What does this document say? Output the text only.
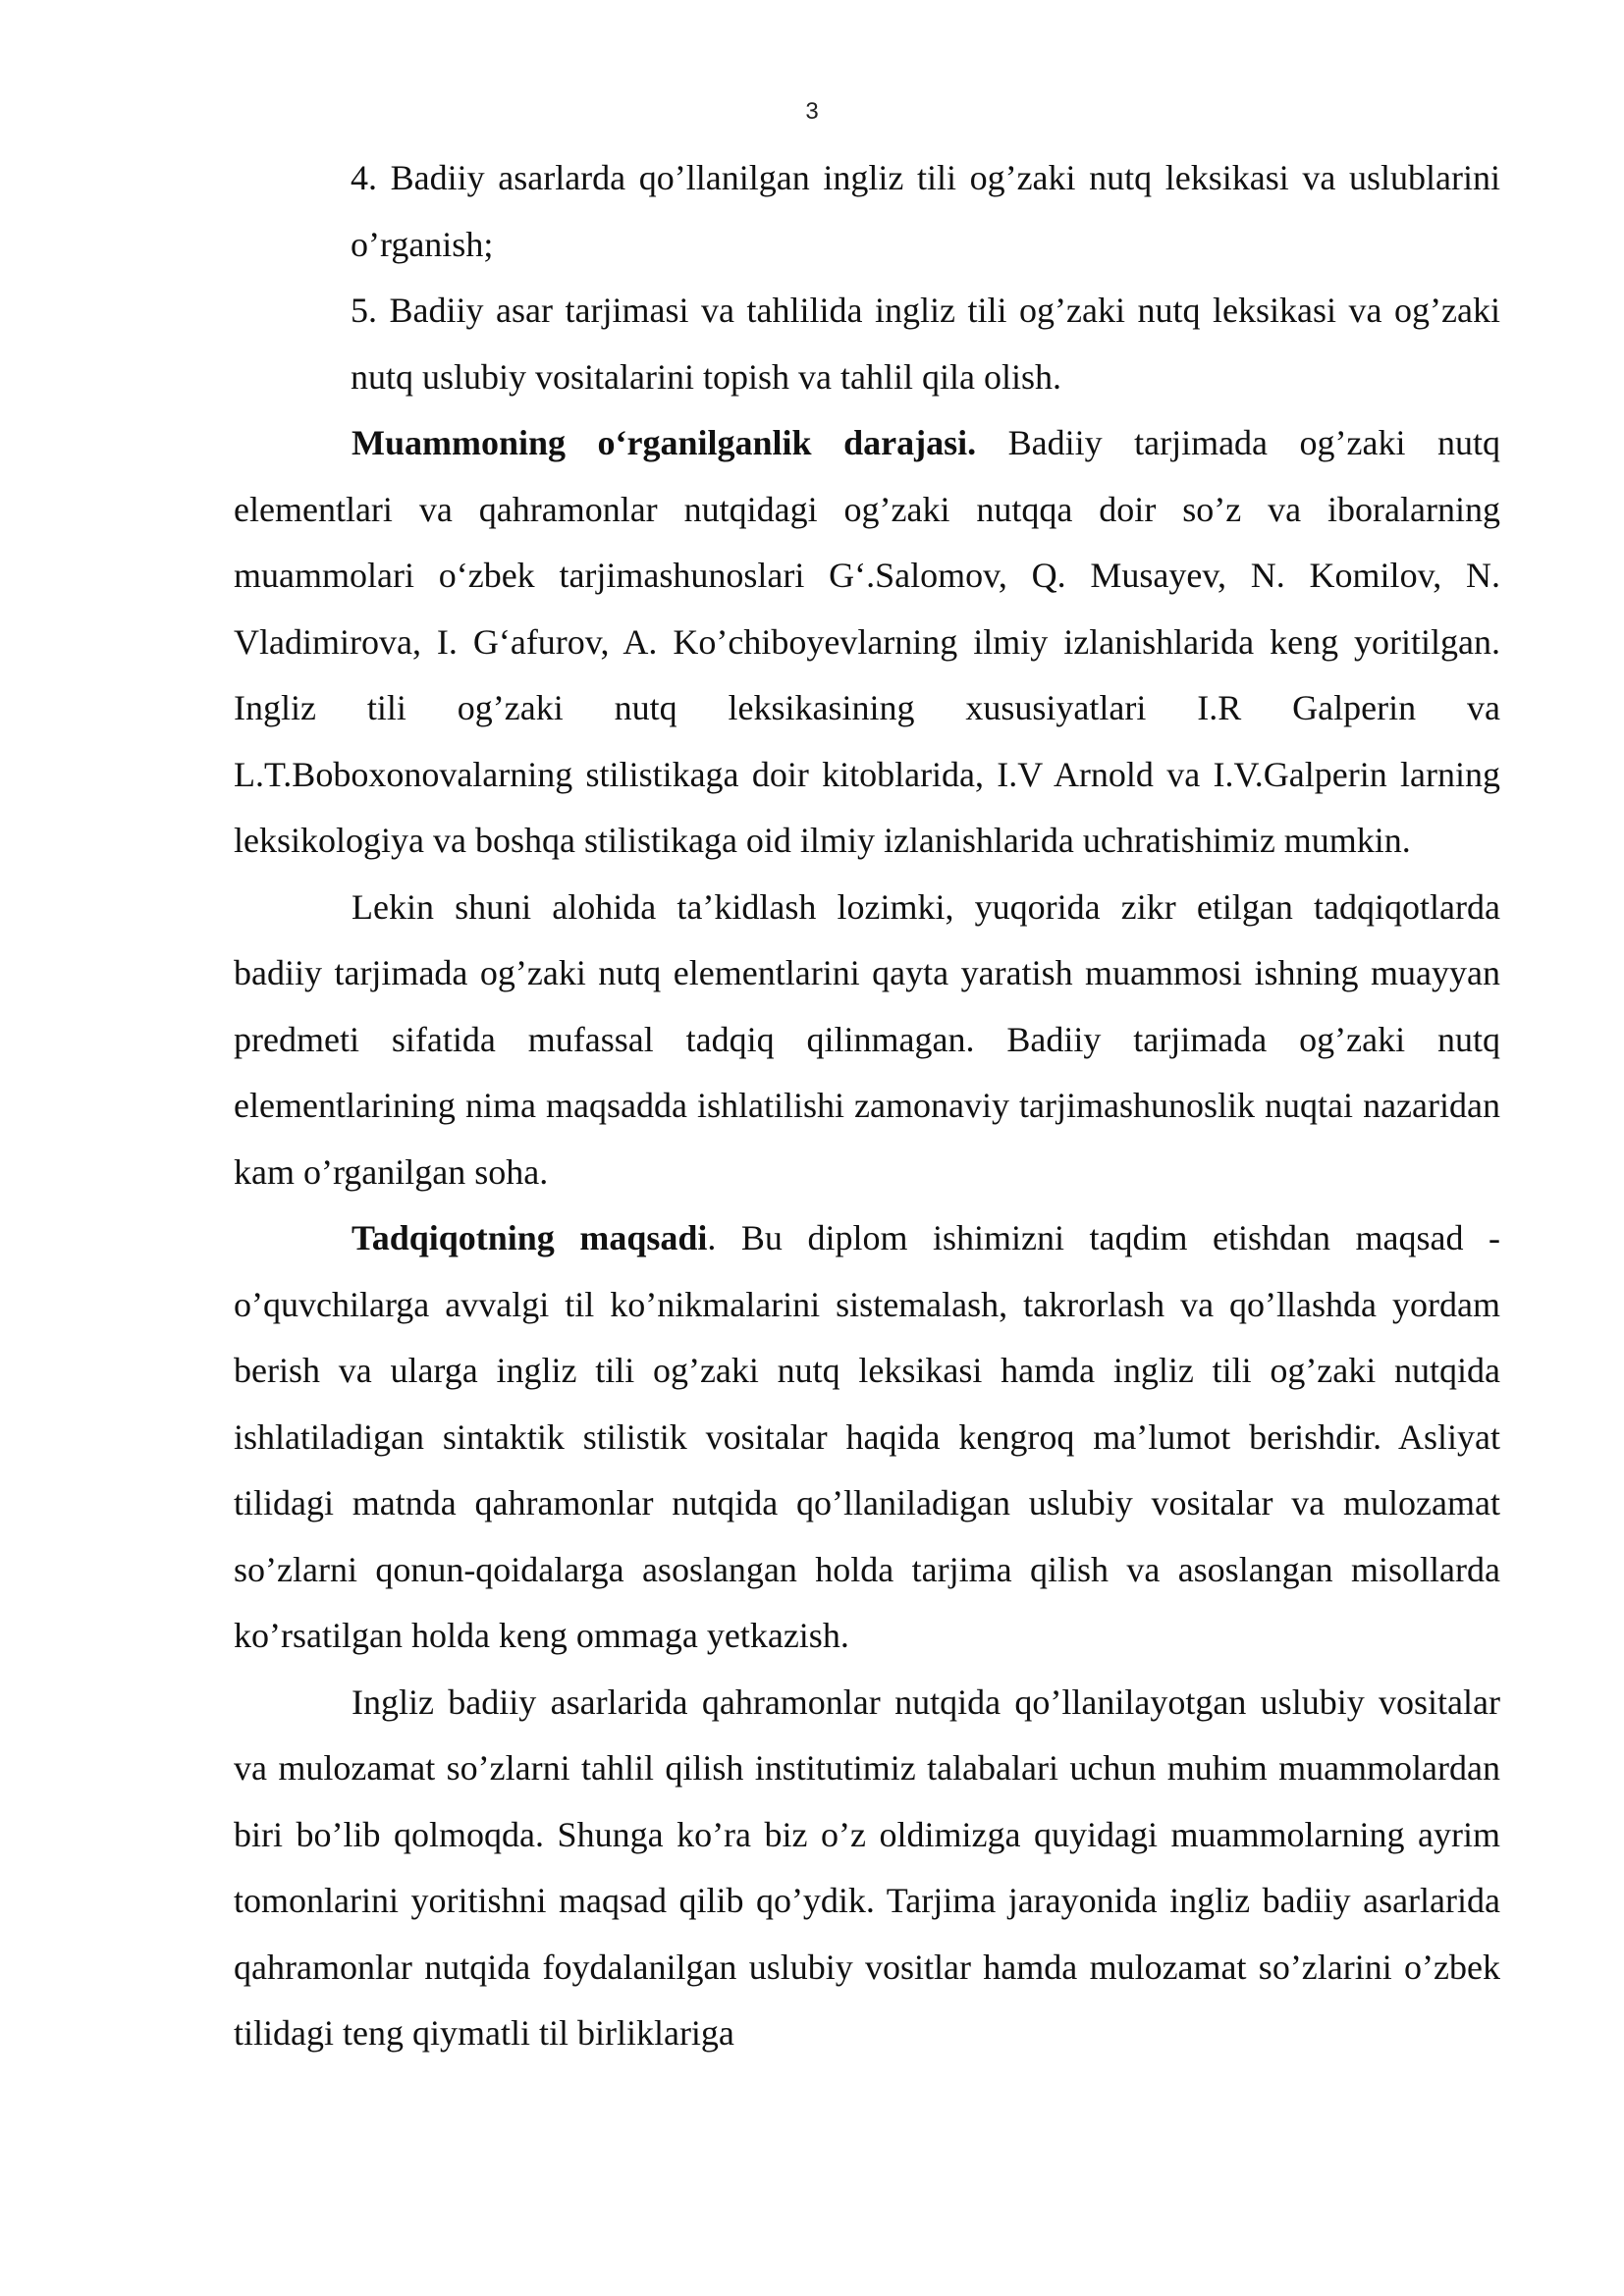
3

4. Badiiy asarlarda qo’llanilgan ingliz tili og’zaki nutq leksikasi va uslublarini o’rganish;

5. Badiiy asar tarjimasi va tahlilida ingliz tili og’zaki nutq leksikasi va og’zaki nutq uslubiy vositalarini topish va tahlil qila olish.

Muammoning o‘rganilganlik darajasi. Badiiy tarjimada og’zaki nutq elementlari va qahramonlar nutqidagi og’zaki nutqqa doir so’z va iboralarning muammolari o‘zbek tarjimashunoslari G‘.Salomov, Q. Musayev, N. Komilov, N. Vladimirova, I. G‘afurov, A. Ko’chiboyevlarning ilmiy izlanishlarida keng yoritilgan. Ingliz tili og’zaki nutq leksikasining xususiyatlari I.R Galperin va L.T.Boboxonovalarning stilistikaga doir kitoblarida, I.V Arnold va I.V.Galperin larning leksikologiya va boshqa stilistikaga oid ilmiy izlanishlarida uchratishimiz mumkin.

Lekin shuni alohida ta’kidlash lozimki, yuqorida zikr etilgan tadqiqotlarda badiiy tarjimada og’zaki nutq elementlarini qayta yaratish muammosi ishning muayyan predmeti sifatida mufassal tadqiq qilinmagan. Badiiy tarjimada og’zaki nutq elementlarining nima maqsadda ishlatilishi zamonaviy tarjimashunoslik nuqtai nazaridan kam o’rganilgan soha.

Tadqiqotning maqsadi. Bu diplom ishimizni taqdim etishdan maqsad - o’quvchilarga avvalgi til ko’nikmalarini sistemalash, takrorlash va qo’llashda yordam berish va ularga ingliz tili og’zaki nutq leksikasi hamda ingliz tili og’zaki nutqida ishlatiladigan sintaktik stilistik vositalar haqida kengroq ma’lumot berishdir. Asliyat tilidagi matnda qahramonlar nutqida qo’llaniladigan uslubiy vositalar va mulozamat so’zlarni qonun-qoidalarga asoslangan holda tarjima qilish va asoslangan misollarda ko’rsatilgan holda keng ommaga yetkazish.

Ingliz badiiy asarlarida qahramonlar nutqida qo’llanilayotgan uslubiy vositalar va mulozamat so’zlarni tahlil qilish institutimiz talabalari uchun muhim muammolardan biri bo’lib qolmoqda. Shunga ko’ra biz o’z oldimizga quyidagi muammolarning ayrim tomonlarini yoritishni maqsad qilib qo’ydik. Tarjima jarayonida ingliz badiiy asarlarida qahramonlar nutqida foydalanilgan uslubiy vositlar hamda mulozamat so’zlarini o’zbek tilidagi teng qiymatli til birliklariga
